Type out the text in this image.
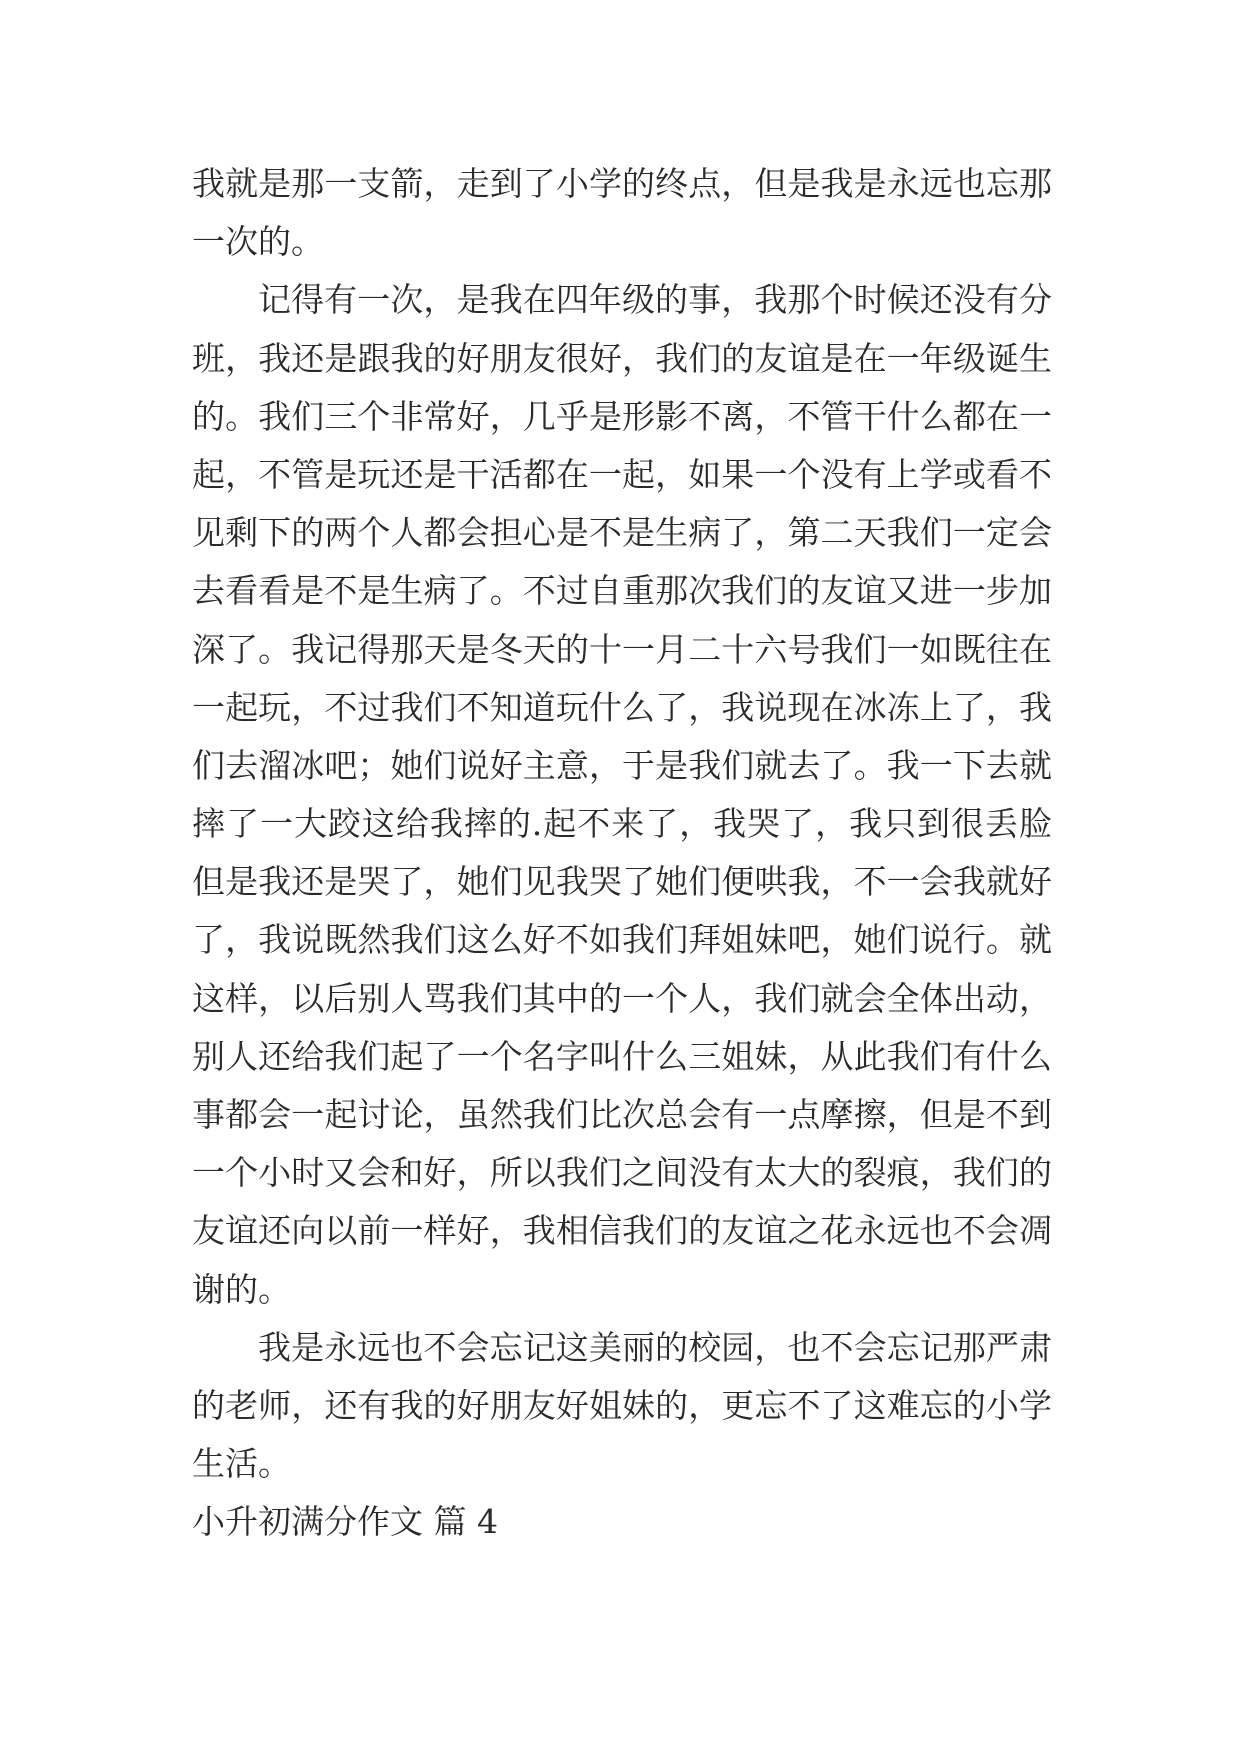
我就是那一支箭，走到了小学的终点，但是我是永远也忘那
一次的。
记得有一次，是我在四年级的事，我那个时候还没有分
班，我还是跟我的好朋友很好，我们的友谊是在一年级诞生
的。我们三个非常好，几乎是形影不离，不管干什么都在一
起，不管是玩还是干活都在一起，如果一个没有上学或看不
见剩下的两个人都会担心是不是生病了，第二天我们一定会
去看看是不是生病了。不过自重那次我们的友谊又进一步加
深了。我记得那天是冬天的十一月二十六号我们一如既往在
一起玩，不过我们不知道玩什么了，我说现在冰冻上了，我
们去溜冰吧；她们说好主意，于是我们就去了。我一下去就
摔了一大跤这给我摔的.起不来了，我哭了，我只到很丢脸
但是我还是哭了，她们见我哭了她们便哄我，不一会我就好
了，我说既然我们这么好不如我们拜姐妹吧，她们说行。就
这样，以后别人骂我们其中的一个人，我们就会全体出动，
别人还给我们起了一个名字叫什么三姐妹，从此我们有什么
事都会一起讨论，虽然我们比次总会有一点摩擦，但是不到
一个小时又会和好，所以我们之间没有太大的裂痕，我们的
友谊还向以前一样好，我相信我们的友谊之花永远也不会凋
谢的。
我是永远也不会忘记这美丽的校园，也不会忘记那严肃
的老师，还有我的好朋友好姐妹的，更忘不了这难忘的小学
生活。
小升初满分作文 篇 4
